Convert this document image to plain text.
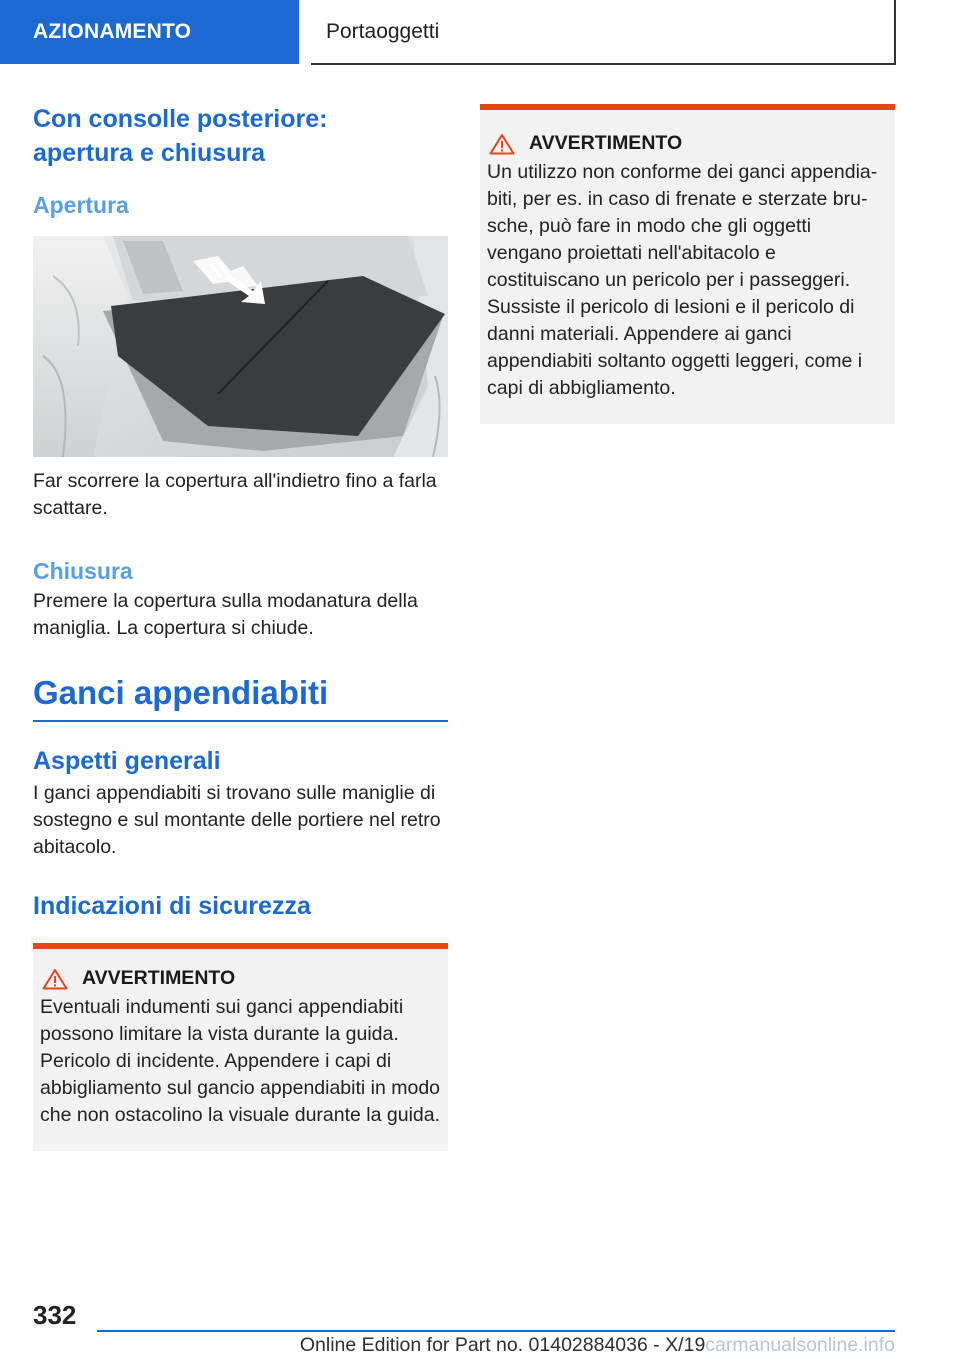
AZIONAMENTO	Portaoggetti
Con consolle posteriore: apertura e chiusura
Apertura
Far scorrere la copertura all'indietro fino a farla scattare.
Chiusura
Premere la copertura sulla modanatura della maniglia. La copertura si chiude.
Ganci appendiabiti
Aspetti generali
I ganci appendiabiti si trovano sulle maniglie di sostegno e sul montante delle portiere nel retro abitacolo.
Indicazioni di sicurezza
AVVERTIMENTO
Eventuali indumenti sui ganci appendiabiti possono limitare la vista durante la guida. Pericolo di incidente. Appendere i capi di abbigliamento sul gancio appendiabiti in modo che non ostacolino la visuale durante la guida.
AVVERTIMENTO
Un utilizzo non conforme dei ganci appendiabiti, per es. in caso di frenate e sterzate brusche, può fare in modo che gli oggetti vengano proiettati nell'abitacolo e costituiscano un pericolo per i passeggeri. Sussiste il pericolo di lesioni e il pericolo di danni materiali. Appendere ai ganci appendiabiti soltanto oggetti leggeri, come i capi di abbigliamento.
332
Online Edition for Part no. 01402884036 - X/19carmanualsonline.info
